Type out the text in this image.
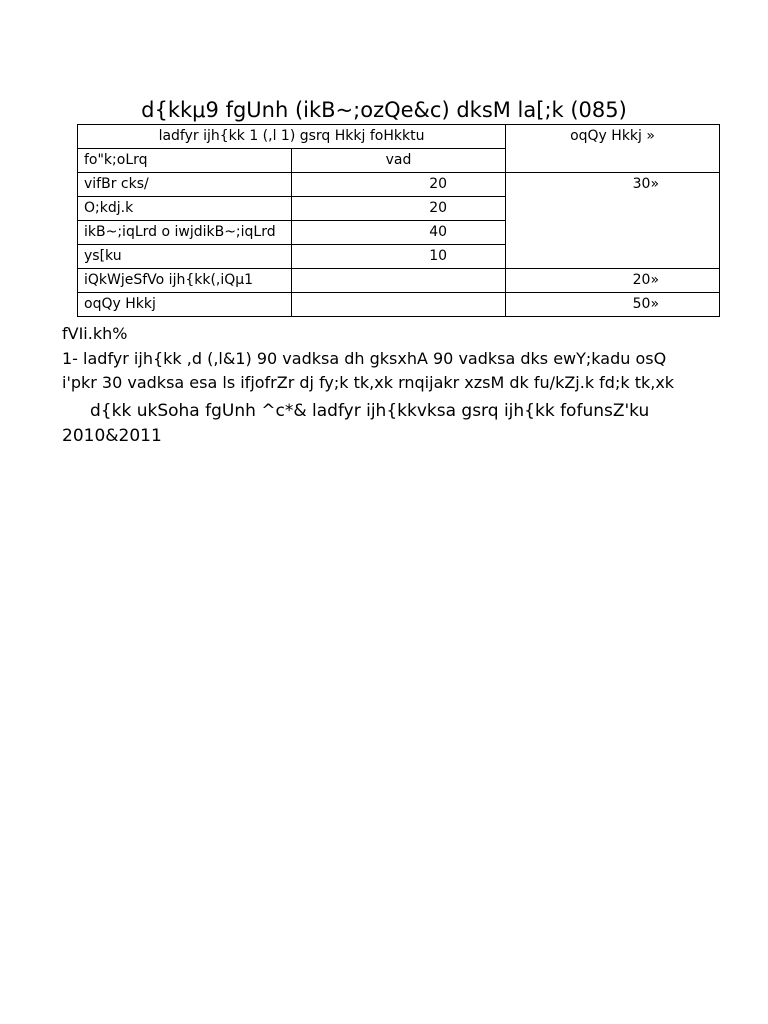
d{kkμ9 fgUnh (ikB~;ozQe&c) dksM la[;k (085)
ladfyr ijh{kk 1 (,l 1) gsrq Hkkj foHkktu		oqQy Hkkj »
fo"k;oLrq	vad	
vifBr cks/	20	30»
O;kdj.k	20	
ikB~;iqLrd o iwjdikB~;iqLrd	40	
ys[ku	10	
iQkWjeSfVo ijh{kk(,iQμ1		20»
oqQy Hkkj		50»

fVIi.kh%

1- ladfyr ijh{kk ,d (,l&1) 90 vadksa dh gksxhA 90 vadksa dks ewY;kadu osQ i'pkr 30 vadksa esa ls ifjofrZr dj fy;k tk,xk rnqijakr xzsM dk fu/kZj.k fd;k tk,xk

d{kk ukSoha fgUnh ^c*& ladfyr ijh{kkvksa gsrq ijh{kk fofunsZ'ku 2010&2011
